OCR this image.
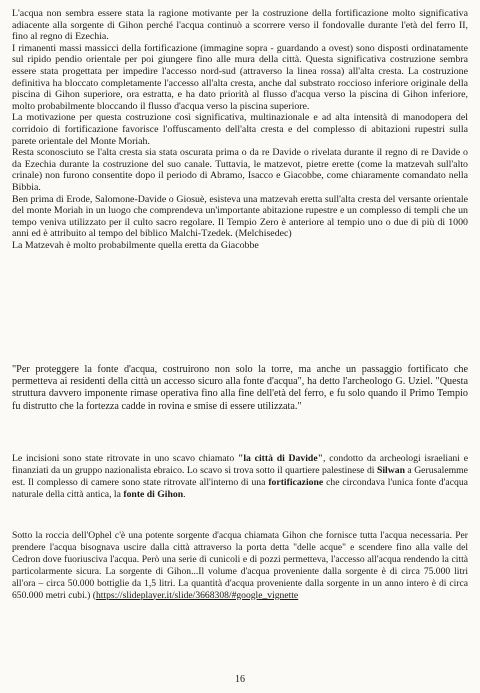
L'acqua non sembra essere stata la ragione motivante per la costruzione della fortificazione molto significativa adiacente alla sorgente di Gihon perché l'acqua continuò a scorrere verso il fondovalle durante l'età del ferro II, fino al regno di Ezechia.

I rimanenti massi massicci della fortificazione (immagine sopra - guardando a ovest) sono disposti ordinatamente sul ripido pendio orientale per poi giungere fino alle mura della città. Questa significativa costruzione sembra essere stata progettata per impedire l'accesso nord-sud (attraverso la linea rossa) all'alta cresta. La costruzione definitiva ha bloccato completamente l'accesso all'alta cresta, anche dal substrato roccioso inferiore originale della piscina di Gihon superiore, ora estratta, e ha dato priorità al flusso d'acqua verso la piscina di Gihon inferiore, molto probabilmente bloccando il flusso d'acqua verso la piscina superiore.

La motivazione per questa costruzione così significativa, multinazionale e ad alta intensità di manodopera del corridoio di fortificazione favorisce l'offuscamento dell'alta cresta e del complesso di abitazioni rupestri sulla parete orientale del Monte Moriah.

Resta sconosciuto se l'alta cresta sia stata oscurata prima o da re Davide o rivelata durante il regno di re Davide o da Ezechia durante la costruzione del suo canale. Tuttavia, le matzevot, pietre erette (come la matzevah sull'alto crinale) non furono consentite dopo il periodo di Abramo, Isacco e Giacobbe, come chiaramente comandato nella Bibbia.

Ben prima di Erode, Salomone-Davide o Giosuè, esisteva una matzevah eretta sull'alta cresta del versante orientale del monte Moriah in un luogo che comprendeva un'importante abitazione rupestre e un complesso di templi che un tempo veniva utilizzato per il culto sacro regolare. Il Tempio Zero è anteriore al tempio uno o due di più di 1000 anni ed è attribuito al tempo del biblico Malchi-Tzedek. (Melchisedec)

La Matzevah è molto probabilmente quella eretta da Giacobbe

"Per proteggere la fonte d'acqua, costruirono non solo la torre, ma anche un passaggio fortificato che permetteva ai residenti della città un accesso sicuro alla fonte d'acqua", ha detto l'archeologo G. Uziel. "Questa struttura davvero imponente rimase operativa fino alla fine dell'età del ferro, e fu solo quando il Primo Tempio fu distrutto che la fortezza cadde in rovina e smise di essere utilizzata."

Le incisioni sono state ritrovate in uno scavo chiamato "la città di Davide", condotto da archeologi israeliani e finanziati da un gruppo nazionalista ebraico. Lo scavo si trova sotto il quartiere palestinese di Silwan a Gerusalemme est. Il complesso di camere sono state ritrovate all'interno di una fortificazione che circondava l'unica fonte d'acqua naturale della città antica, la fonte di Gihon.

Sotto la roccia dell'Ophel c'è una potente sorgente d'acqua chiamata Gihon che fornisce tutta l'acqua necessaria. Per prendere l'acqua bisognava uscire dalla città attraverso la porta detta "delle acque" e scendere fino alla valle del Cedron dove fuoriusciva l'acqua. Però una serie di cunicoli e di pozzi permetteva, l'accesso all'acqua rendendo la città particolarmente sicura. La sorgente di Gihon...Il volume d'acqua proveniente dalla sorgente è di circa 75.000 litri all'ora – circa 50.000 bottiglie da 1,5 litri. La quantità d'acqua proveniente dalla sorgente in un anno intero è di circa 650.000 metri cubi.) (https://slideplayer.it/slide/3668308/#google_vignette

16
